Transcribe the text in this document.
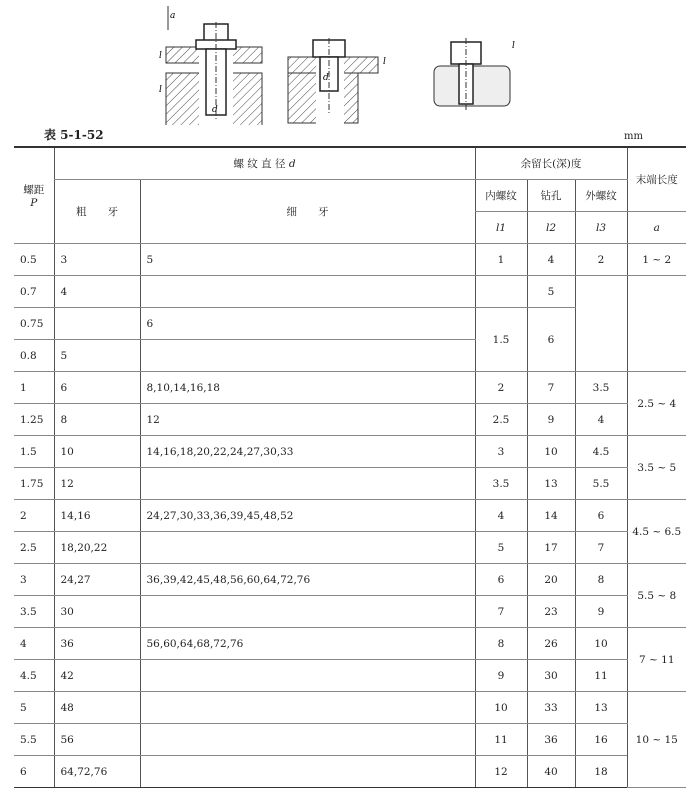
a
l
l
d
l
d
l
表 5-1-52	mm
螺距
P	螺 纹 直 径 d		余留长(深)度			末端长度
	粗　　牙	细　　牙	内螺纹	钻孔	外螺纹	
			l1	l2	l3	a
0.5	3	5	1	4	2	1 ~ 2
0.7	4			5		
0.75		6	1.5	6		
0.8	5					
1	6	8,10,14,16,18	2	7	3.5	2.5 ~ 4
1.25	8	12	2.5	9	4	
1.5	10	14,16,18,20,22,24,27,30,33	3	10	4.5	3.5 ~ 5
1.75	12		3.5	13	5.5	
2	14,16	24,27,30,33,36,39,45,48,52	4	14	6	4.5 ~ 6.5
2.5	18,20,22		5	17	7	
3	24,27	36,39,42,45,48,56,60,64,72,76	6	20	8	5.5 ~ 8
3.5	30		7	23	9	
4	36	56,60,64,68,72,76	8	26	10	7 ~ 11
4.5	42		9	30	11	
5	48		10	33	13	10 ~ 15
5.5	56		11	36	16	
6	64,72,76		12	40	18	
